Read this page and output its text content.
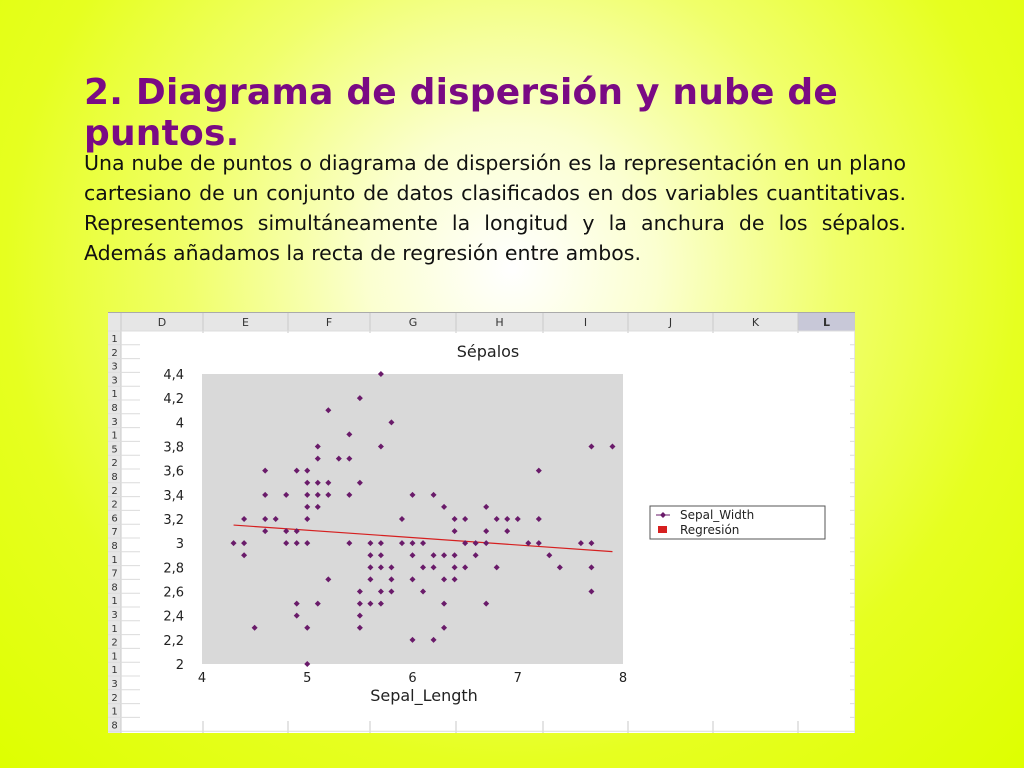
2. Diagrama de dispersión y nube de puntos.

Una nube de puntos o diagrama de dispersión es la representación en un plano cartesiano de un conjunto de datos clasificados en dos variables cuantitativas. Representemos simultáneamente la longitud y la anchura de los sépalos. Además añadamos la recta de regresión entre ambos.

D	E	F	G	H	I	J	K	L
1
2
3
3
1
8
3
1
5
2
8
2
2
6
7
8
1
7
8
1
3
1
2
1
1
3
2
1
8
Sépalos
2
2,2
2,4
2,6
2,8
3
3,2
3,4
3,6
3,8
4
4,2
4,4
4	5	6	7	8
Sepal_Length
Sepal_Width
Regresión
